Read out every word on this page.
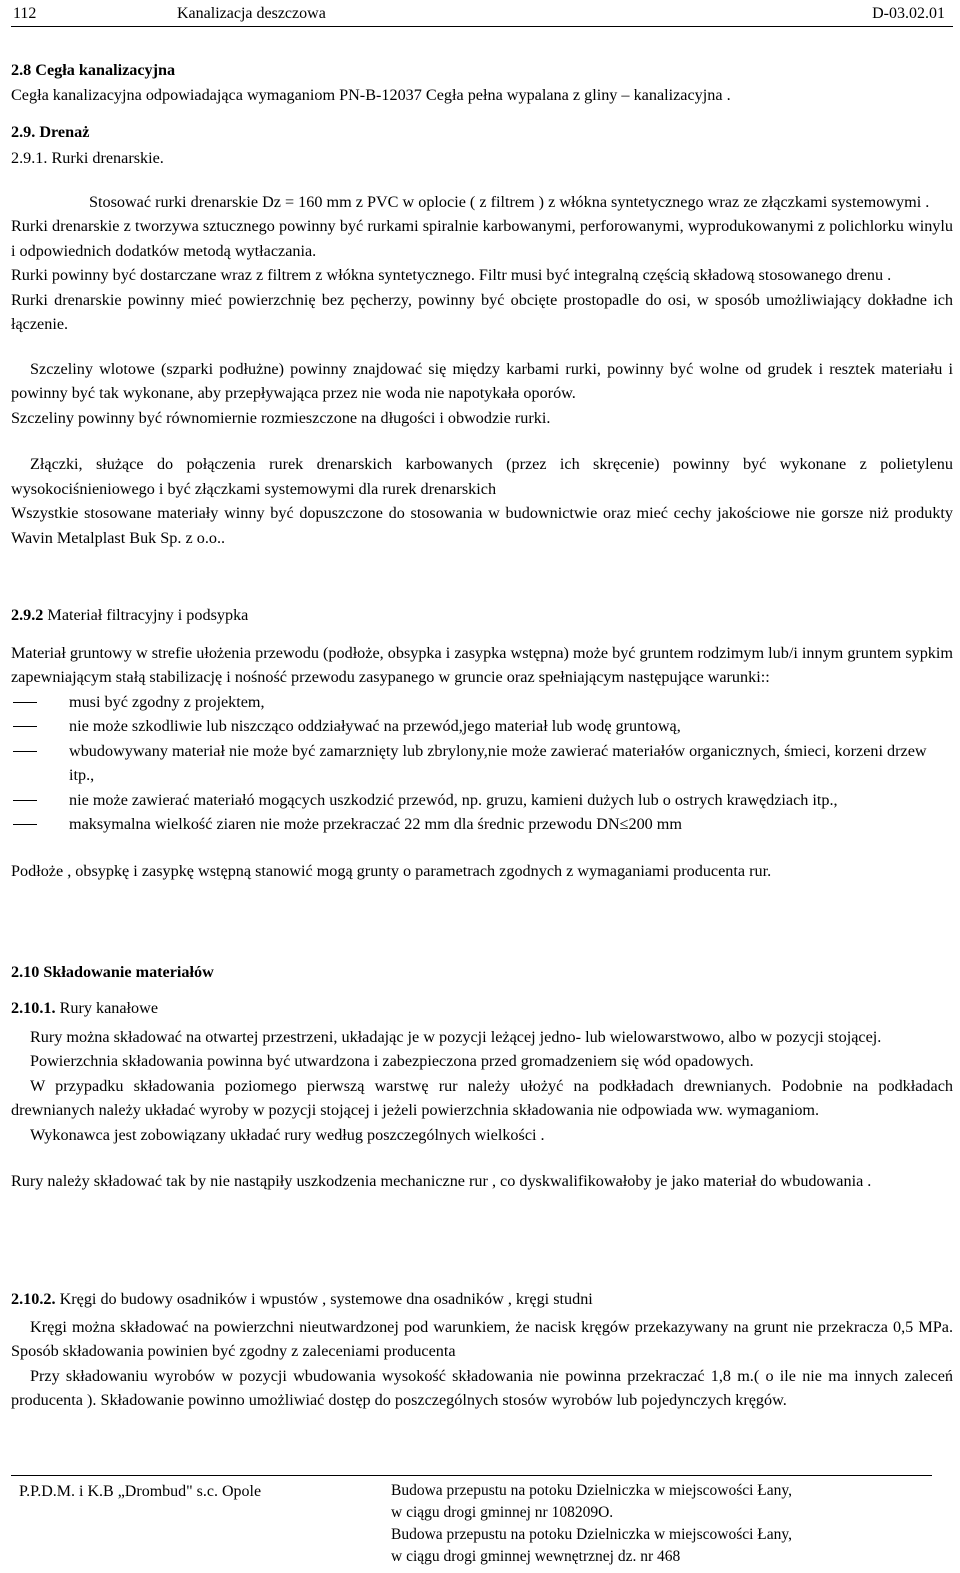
112	Kanalizacja deszczowa	D-03.02.01

2.8 Cegła kanalizacyjna

Cegła kanalizacyjna odpowiadająca wymaganiom PN-B-12037 Cegła pełna wypalana z gliny – kanalizacyjna .

2.9. Drenaż

2.9.1. Rurki drenarskie.

Stosować rurki drenarskie Dz = 160 mm z PVC w oplocie ( z filtrem ) z włókna syntetycznego wraz ze złączkami systemowymi .

Rurki drenarskie z tworzywa sztucznego powinny być rurkami spiralnie karbowanymi, perforowanymi, wyprodukowanymi z polichlorku winylu i odpowiednich dodatków metodą wytłaczania.

Rurki powinny być dostarczane wraz z filtrem z włókna syntetycznego. Filtr musi być integralną częścią składową stosowanego drenu .

Rurki drenarskie powinny mieć powierzchnię bez pęcherzy, powinny być obcięte prostopadle do osi, w sposób umożliwiający dokładne ich łączenie.

Szczeliny wlotowe (szparki podłużne) powinny znajdować się między karbami rurki, powinny być wolne od grudek i resztek materiału i powinny być tak wykonane, aby przepływająca przez nie woda nie napotykała oporów.

Szczeliny powinny być równomiernie rozmieszczone na długości i obwodzie rurki.

Złączki, służące do połączenia rurek drenarskich karbowanych (przez ich skręcenie) powinny być wykonane z polietylenu wysokociśnieniowego i być złączkami systemowymi dla rurek drenarskich

Wszystkie stosowane materiały winny być dopuszczone do stosowania w budownictwie oraz mieć cechy jakościowe nie gorsze niż produkty Wavin Metalplast Buk Sp. z o.o..

2.9.2 Materiał filtracyjny i podsypka

Materiał gruntowy w strefie ułożenia przewodu (podłoże, obsypka i zasypka wstępna) może być gruntem rodzimym lub/i innym gruntem sypkim zapewniającym stałą stabilizację i nośność przewodu zasypanego w gruncie oraz spełniającym następujące warunki::

musi być zgodny z projektem,
nie może szkodliwie lub niszcząco oddziaływać na przewód,jego materiał lub wodę gruntową,
wbudowywany materiał nie może być zamarznięty lub zbrylony,nie może zawierać materiałów organicznych, śmieci, korzeni drzew itp.,
nie może zawierać materiałó mogących uszkodzić przewód, np. gruzu, kamieni dużych lub o ostrych krawędziach itp.,
maksymalna wielkość ziaren nie może przekraczać 22 mm dla średnic przewodu DN≤200 mm

Podłoże , obsypkę i zasypkę wstępną stanowić mogą grunty o parametrach zgodnych z wymaganiami producenta rur.

2.10 Składowanie materiałów

2.10.1. Rury kanałowe

Rury można składować na otwartej przestrzeni, układając je w pozycji leżącej jedno- lub wielowarstwowo, albo w pozycji stojącej.

Powierzchnia składowania powinna być utwardzona i zabezpieczona przed gromadzeniem się wód opadowych.

W przypadku składowania poziomego pierwszą warstwę rur należy ułożyć na podkładach drewnianych. Podobnie na podkładach drewnianych należy układać wyroby w pozycji stojącej i jeżeli powierzchnia składowania nie odpowiada ww. wymaganiom.

Wykonawca jest zobowiązany układać rury według poszczególnych wielkości .

Rury należy składować tak by nie nastąpiły uszkodzenia mechaniczne rur , co dyskwalifikowałoby je jako materiał do wbudowania .

2.10.2. Kręgi do budowy osadników i wpustów , systemowe dna osadników , kręgi studni

Kręgi można składować na powierzchni nieutwardzonej pod warunkiem, że nacisk kręgów przekazywany na grunt nie przekracza 0,5 MPa. Sposób składowania powinien być zgodny z zaleceniami producenta

Przy składowaniu wyrobów w pozycji wbudowania wysokość składowania nie powinna przekraczać 1,8 m.( o ile nie ma innych zaleceń producenta ). Składowanie powinno umożliwiać dostęp do poszczególnych stosów wyrobów lub pojedynczych kręgów.

P.P.D.M. i K.B „Drombud" s.c. Opole	Budowa przepustu na potoku Dzielniczka w miejscowości Łany,
w ciągu drogi gminnej nr 108209O.
Budowa przepustu na potoku Dzielniczka w miejscowości Łany,
w ciągu drogi gminnej wewnętrznej dz. nr 468
